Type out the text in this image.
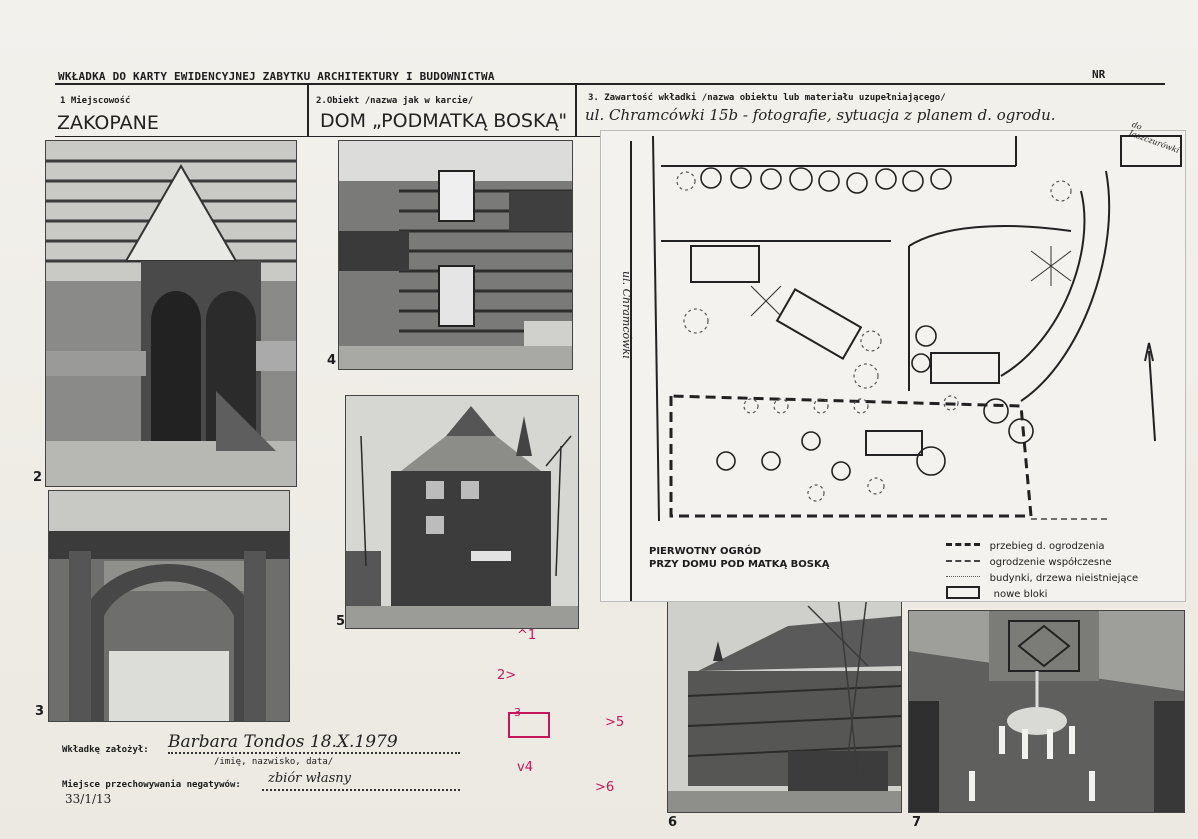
WKŁADKA DO KARTY EWIDENCYJNEJ ZABYTKU ARCHITEKTURY I BUDOWNICTWA	NR
1 Miejscowość
ZAKOPANE
2.Obiekt /nazwa jak w karcie/
DOM „PODMATKĄ BOSKĄ"
3. Zawartość wkładki /nazwa obiektu lub materiału uzupełniającego/
ul. Chramcówki 15b - fotografie, sytuacja z planem d. ogrodu.
2
4
5
3
6	7
ul. Chramcówki
do Jaszczurówki
PIERWOTNY OGRÓD
PRZY DOMU POD MATKĄ BOSKĄ
przebieg d. ogrodzenia
ogrodzenie współczesne
budynki, drzewa nieistniejące
nowe bloki
^1
2>
3
v4
>5
>6
Wkładkę założył: Barbara Tondos 18.X.1979
/imię, nazwisko, data/
Miejsce przechowywania negatywów: zbiór własny
33/1/13
